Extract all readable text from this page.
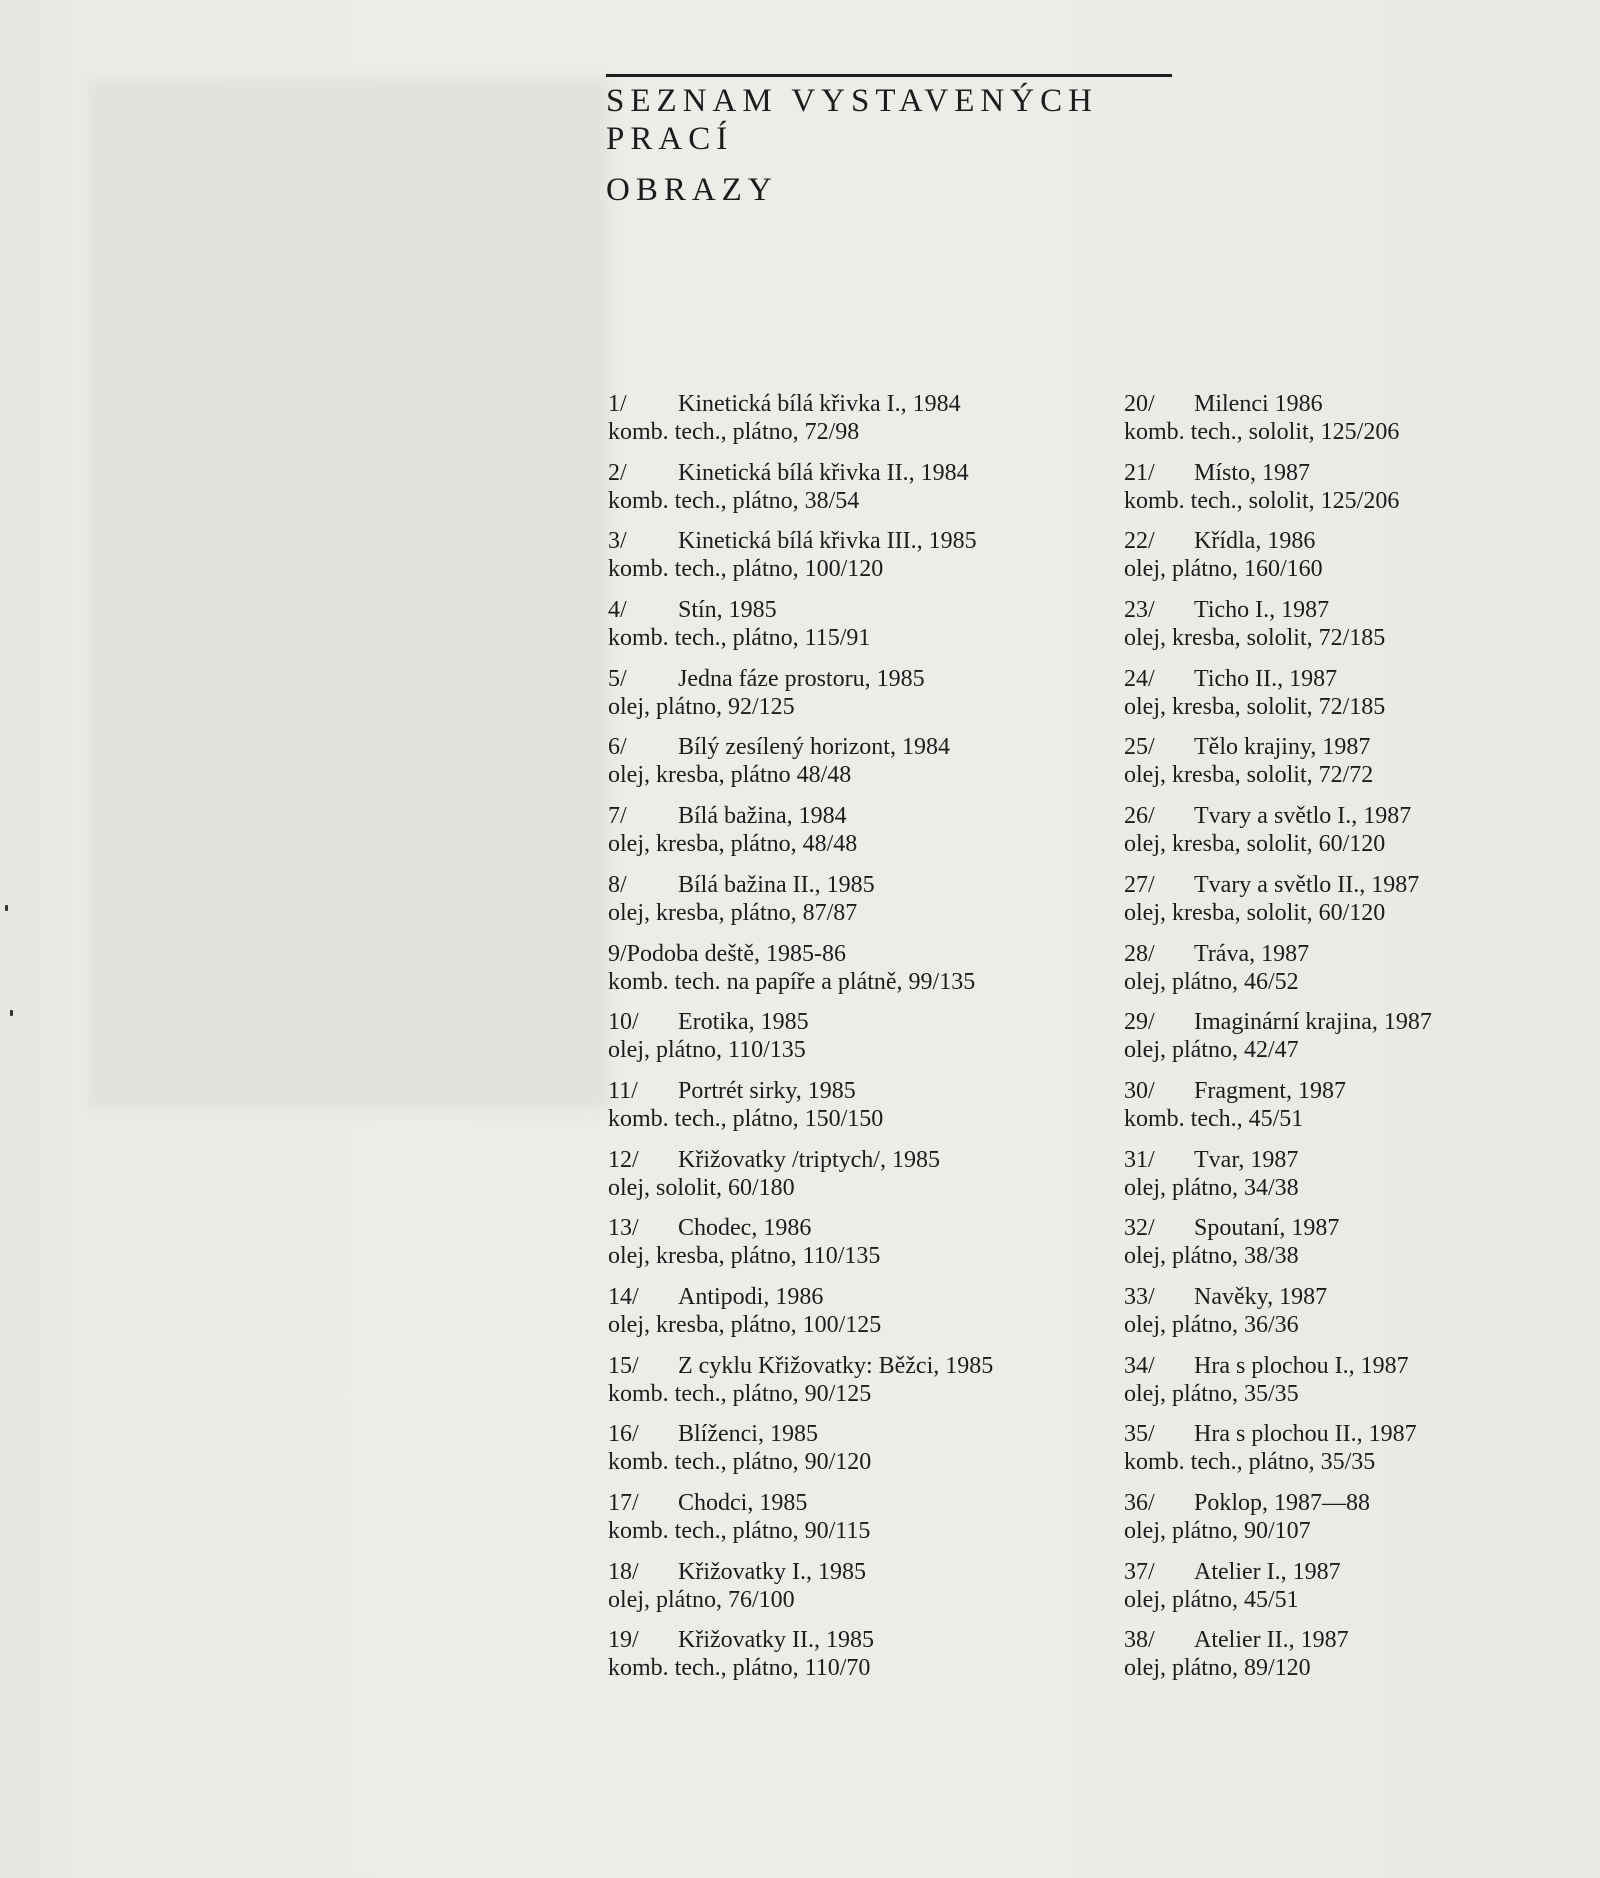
SEZNAM VYSTAVENÝCH
PRACÍ
OBRAZY
1/ Kinetická bílá křivka I., 1984
komb. tech., plátno, 72/98
2/ Kinetická bílá křivka II., 1984
komb. tech., plátno, 38/54
3/ Kinetická bílá křivka III., 1985
komb. tech., plátno, 100/120
4/ Stín, 1985
komb. tech., plátno, 115/91
5/ Jedna fáze prostoru, 1985
olej, plátno, 92/125
6/ Bílý zesílený horizont, 1984
olej, kresba, plátno 48/48
7/ Bílá bažina, 1984
olej, kresba, plátno, 48/48
8/ Bílá bažina II., 1985
olej, kresba, plátno, 87/87
9/Podoba deště, 1985-86
komb. tech. na papíře a plátně, 99/135
10/ Erotika, 1985
olej, plátno, 110/135
11/ Portrét sirky, 1985
komb. tech., plátno, 150/150
12/ Křižovatky /triptych/, 1985
olej, sololit, 60/180
13/ Chodec, 1986
olej, kresba, plátno, 110/135
14/ Antipodi, 1986
olej, kresba, plátno, 100/125
15/ Z cyklu Křižovatky: Běžci, 1985
komb. tech., plátno, 90/125
16/ Blíženci, 1985
komb. tech., plátno, 90/120
17/ Chodci, 1985
komb. tech., plátno, 90/115
18/ Křižovatky I., 1985
olej, plátno, 76/100
19/ Křižovatky II., 1985
komb. tech., plátno, 110/70
20/ Milenci 1986
komb. tech., sololit, 125/206
21/ Místo, 1987
komb. tech., sololit, 125/206
22/ Křídla, 1986
olej, plátno, 160/160
23/ Ticho I., 1987
olej, kresba, sololit, 72/185
24/ Ticho II., 1987
olej, kresba, sololit, 72/185
25/ Tělo krajiny, 1987
olej, kresba, sololit, 72/72
26/ Tvary a světlo I., 1987
olej, kresba, sololit, 60/120
27/ Tvary a světlo II., 1987
olej, kresba, sololit, 60/120
28/ Tráva, 1987
olej, plátno, 46/52
29/ Imaginární krajina, 1987
olej, plátno, 42/47
30/ Fragment, 1987
komb. tech., 45/51
31/ Tvar, 1987
olej, plátno, 34/38
32/ Spoutaní, 1987
olej, plátno, 38/38
33/ Navěky, 1987
olej, plátno, 36/36
34/ Hra s plochou I., 1987
olej, plátno, 35/35
35/ Hra s plochou II., 1987
komb. tech., plátno, 35/35
36/ Poklop, 1987—88
olej, plátno, 90/107
37/ Atelier I., 1987
olej, plátno, 45/51
38/ Atelier II., 1987
olej, plátno, 89/120
